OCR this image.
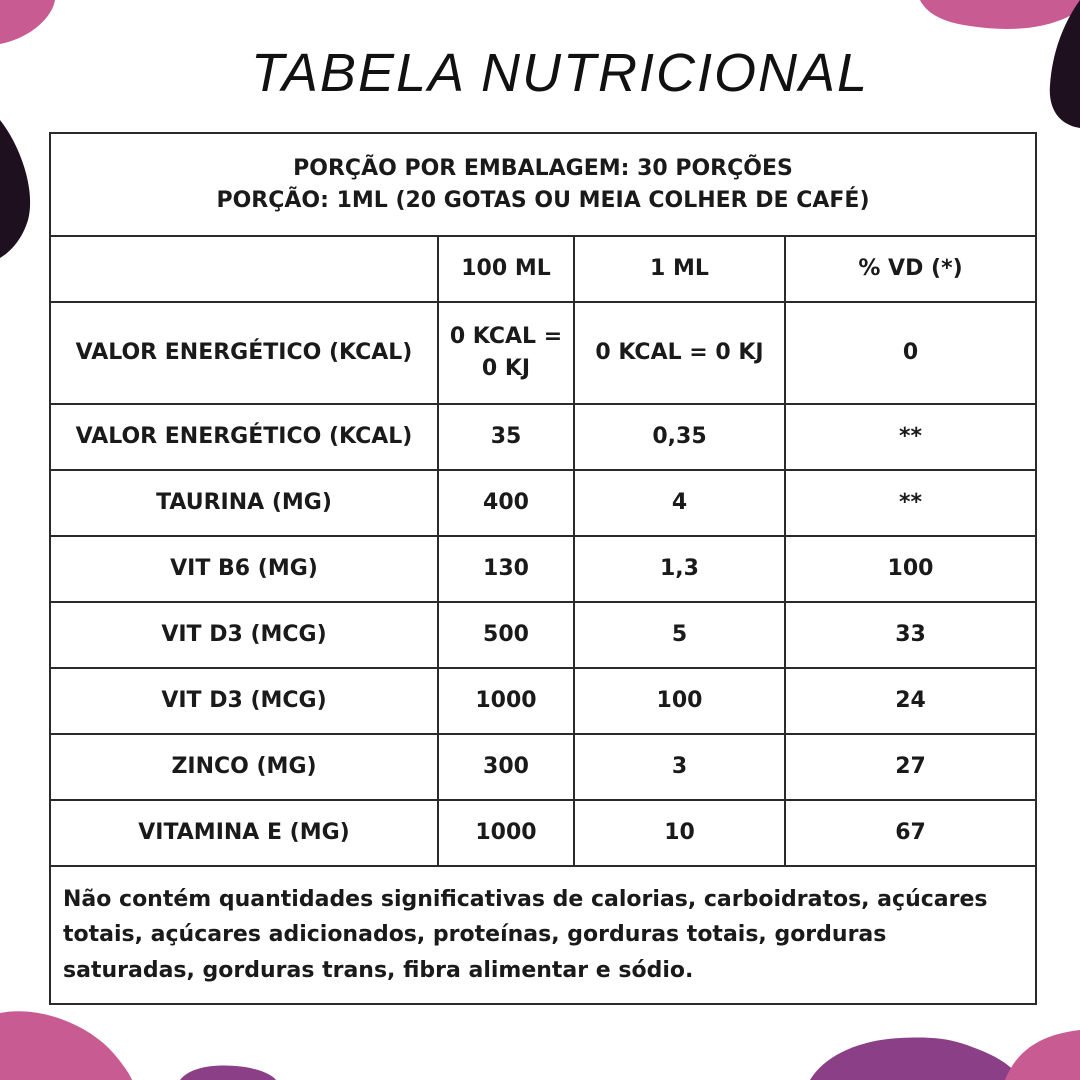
TABELA NUTRICIONAL
PORÇÃO POR EMBALAGEM: 30 PORÇÕES
PORÇÃO: 1ML (20 GOTAS OU MEIA COLHER DE CAFÉ)			

	100 ML	1 ML	% VD (*)
VALOR ENERGÉTICO (KCAL)	0 KCAL = 0 KJ	0 KCAL = 0 KJ	0
VALOR ENERGÉTICO (KCAL)	35	0,35	**
TAURINA (MG)	400	4	**
VIT B6 (MG)	130	1,3	100
VIT D3 (MCG)	500	5	33
VIT D3 (MCG)	1000	100	24
ZINCO (MG)	300	3	27
VITAMINA E (MG)	1000	10	67
Não contém quantidades significativas de calorias, carboidratos, açúcares totais, açúcares adicionados, proteínas, gorduras totais, gorduras saturadas, gorduras trans, fibra alimentar e sódio.			
